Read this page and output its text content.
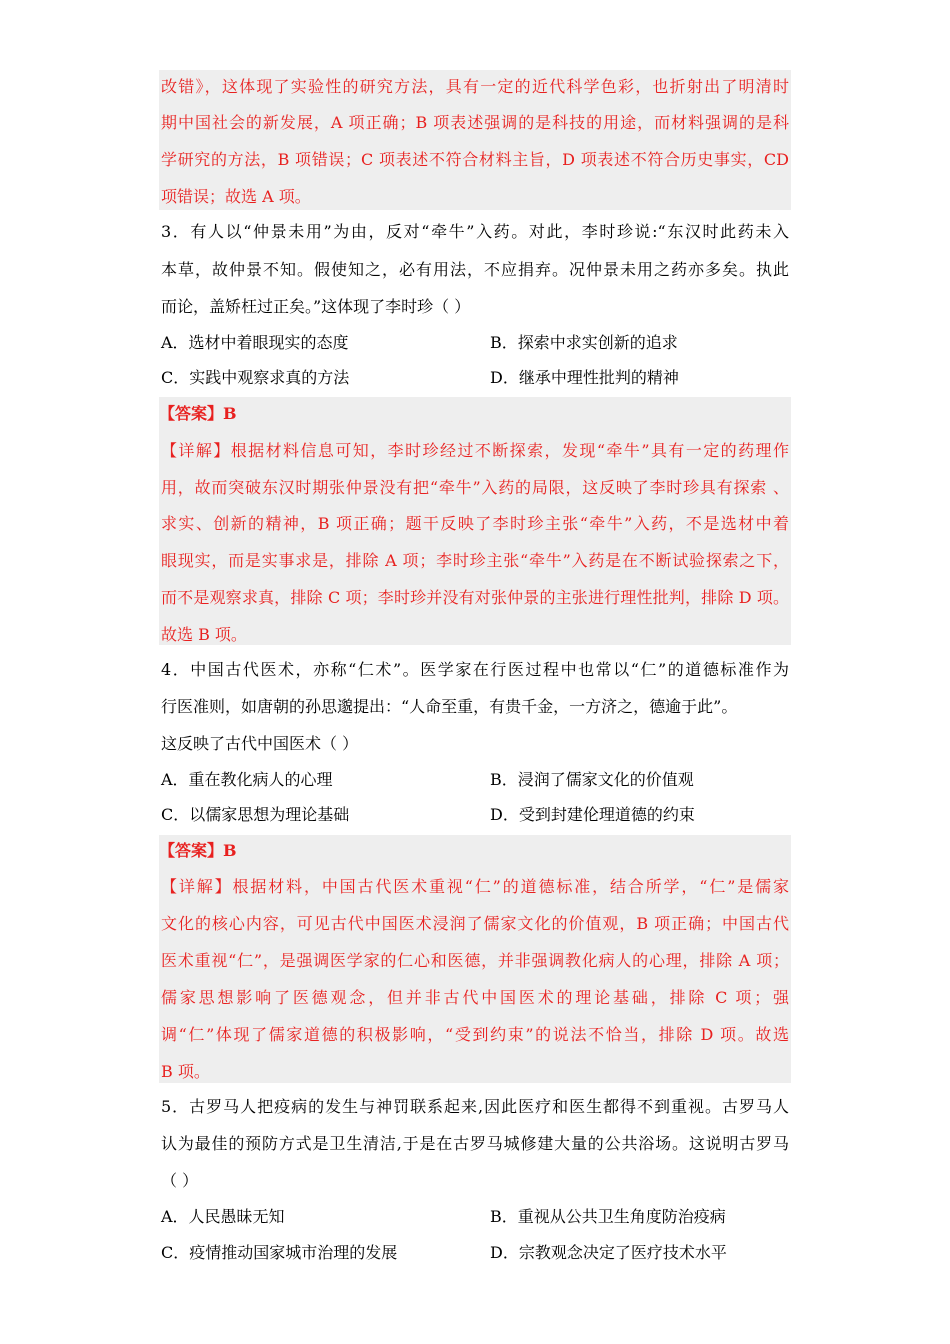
改错》，这体现了实验性的研究方法，具有一定的近代科学色彩，也折射出了明清时
期中国社会的新发展，A 项正确；B 项表述强调的是科技的用途，而材料强调的是科
学研究的方法，B 项错误；C 项表述不符合材料主旨，D 项表述不符合历史事实，CD
项错误；故选 A 项。
3．有人以“仲景未用”为由，反对“牵牛”入药。对此，李时珍说:“东汉时此药未入
本草，故仲景不知。假使知之，必有用法，不应捐弃。况仲景未用之药亦多矣。执此
而论，盖矫枉过正矣。”这体现了李时珍（ ）
A．选材中着眼现实的态度	B．探索中求实创新的追求
C．实践中观察求真的方法	D．继承中理性批判的精神
【答案】B
【详解】根据材料信息可知，李时珍经过不断探索，发现“牵牛”具有一定的药理作
用，故而突破东汉时期张仲景没有把“牵牛”入药的局限，这反映了李时珍具有探索 、
求实、创新的精神，B 项正确；题干反映了李时珍主张“牵牛”入药，不是选材中着
眼现实，而是实事求是，排除 A 项；李时珍主张“牵牛”入药是在不断试验探索之下，
而不是观察求真，排除 C 项；李时珍并没有对张仲景的主张进行理性批判，排除 D 项。
故选 B 项。
4．中国古代医术，亦称“仁术”。医学家在行医过程中也常以“仁”的道德标准作为
行医准则，如唐朝的孙思邈提出：“人命至重，有贵千金，一方济之，德逾于此”。
这反映了古代中国医术（ ）
A．重在教化病人的心理	B．浸润了儒家文化的价值观
C．以儒家思想为理论基础	D．受到封建伦理道德的约束
【答案】B
【详解】根据材料，中国古代医术重视“仁”的道德标准，结合所学，“仁”是儒家
文化的核心内容，可见古代中国医术浸润了儒家文化的价值观，B 项正确；中国古代
医术重视“仁”，是强调医学家的仁心和医德，并非强调教化病人的心理，排除 A 项；
儒家思想影响了医德观念，但并非古代中国医术的理论基础，排除 C 项；强
调“仁”体现了儒家道德的积极影响，“受到约束”的说法不恰当，排除 D 项。故选
B 项。
5．古罗马人把疫病的发生与神罚联系起来,因此医疗和医生都得不到重视。古罗马人
认为最佳的预防方式是卫生清洁,于是在古罗马城修建大量的公共浴场。这说明古罗马
（ ）
A．人民愚昧无知	B．重视从公共卫生角度防治疫病
C．疫情推动国家城市治理的发展	D．宗教观念决定了医疗技术水平
